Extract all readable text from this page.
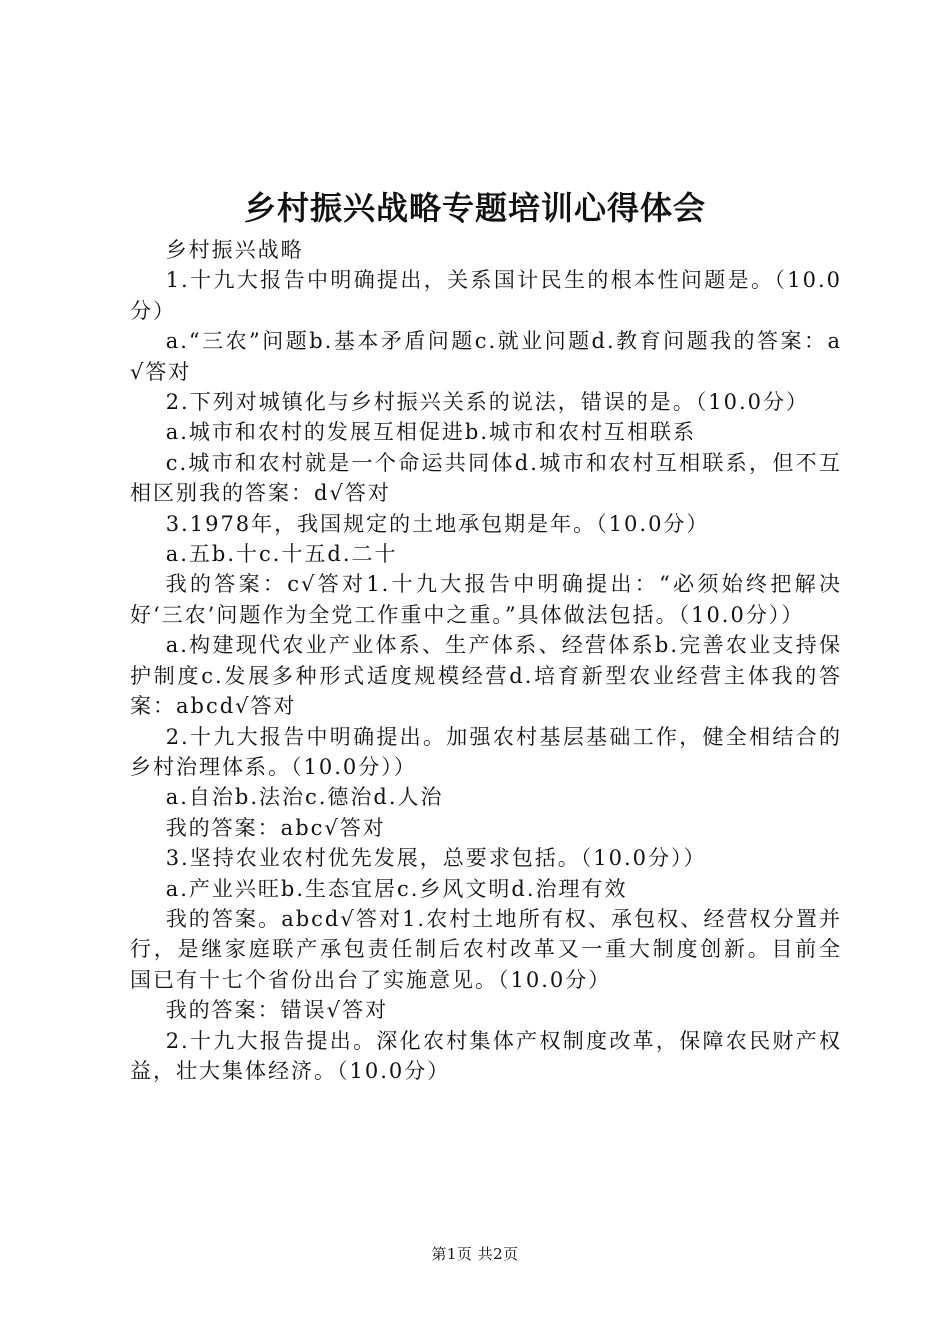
乡村振兴战略专题培训心得体会

乡村振兴战略

1.十九大报告中明确提出，关系国计民生的根本性问题是。（10.0分）

a.“三农”问题b.基本矛盾问题c.就业问题d.教育问题我的答案：a√答对

2.下列对城镇化与乡村振兴关系的说法，错误的是。（10.0分）

a.城市和农村的发展互相促进b.城市和农村互相联系

c.城市和农村就是一个命运共同体d.城市和农村互相联系，但不互相区别我的答案：d√答对

3.1978年，我国规定的土地承包期是年。（10.0分）

a.五b.十c.十五d.二十

我的答案：c√答对1.十九大报告中明确提出：“必须始终把解决好‘三农’问题作为全党工作重中之重。”具体做法包括。（10.0分））

a.构建现代农业产业体系、生产体系、经营体系b.完善农业支持保护制度c.发展多种形式适度规模经营d.培育新型农业经营主体我的答案：abcd√答对

2.十九大报告中明确提出。加强农村基层基础工作，健全相结合的乡村治理体系。（10.0分））

a.自治b.法治c.德治d.人治

我的答案：abc√答对

3.坚持农业农村优先发展，总要求包括。（10.0分））

a.产业兴旺b.生态宜居c.乡风文明d.治理有效

我的答案。abcd√答对1.农村土地所有权、承包权、经营权分置并行，是继家庭联产承包责任制后农村改革又一重大制度创新。目前全国已有十七个省份出台了实施意见。（10.0分）

我的答案：错误√答对

2.十九大报告提出。深化农村集体产权制度改革，保障农民财产权益，壮大集体经济。（10.0分）

第1页 共2页
